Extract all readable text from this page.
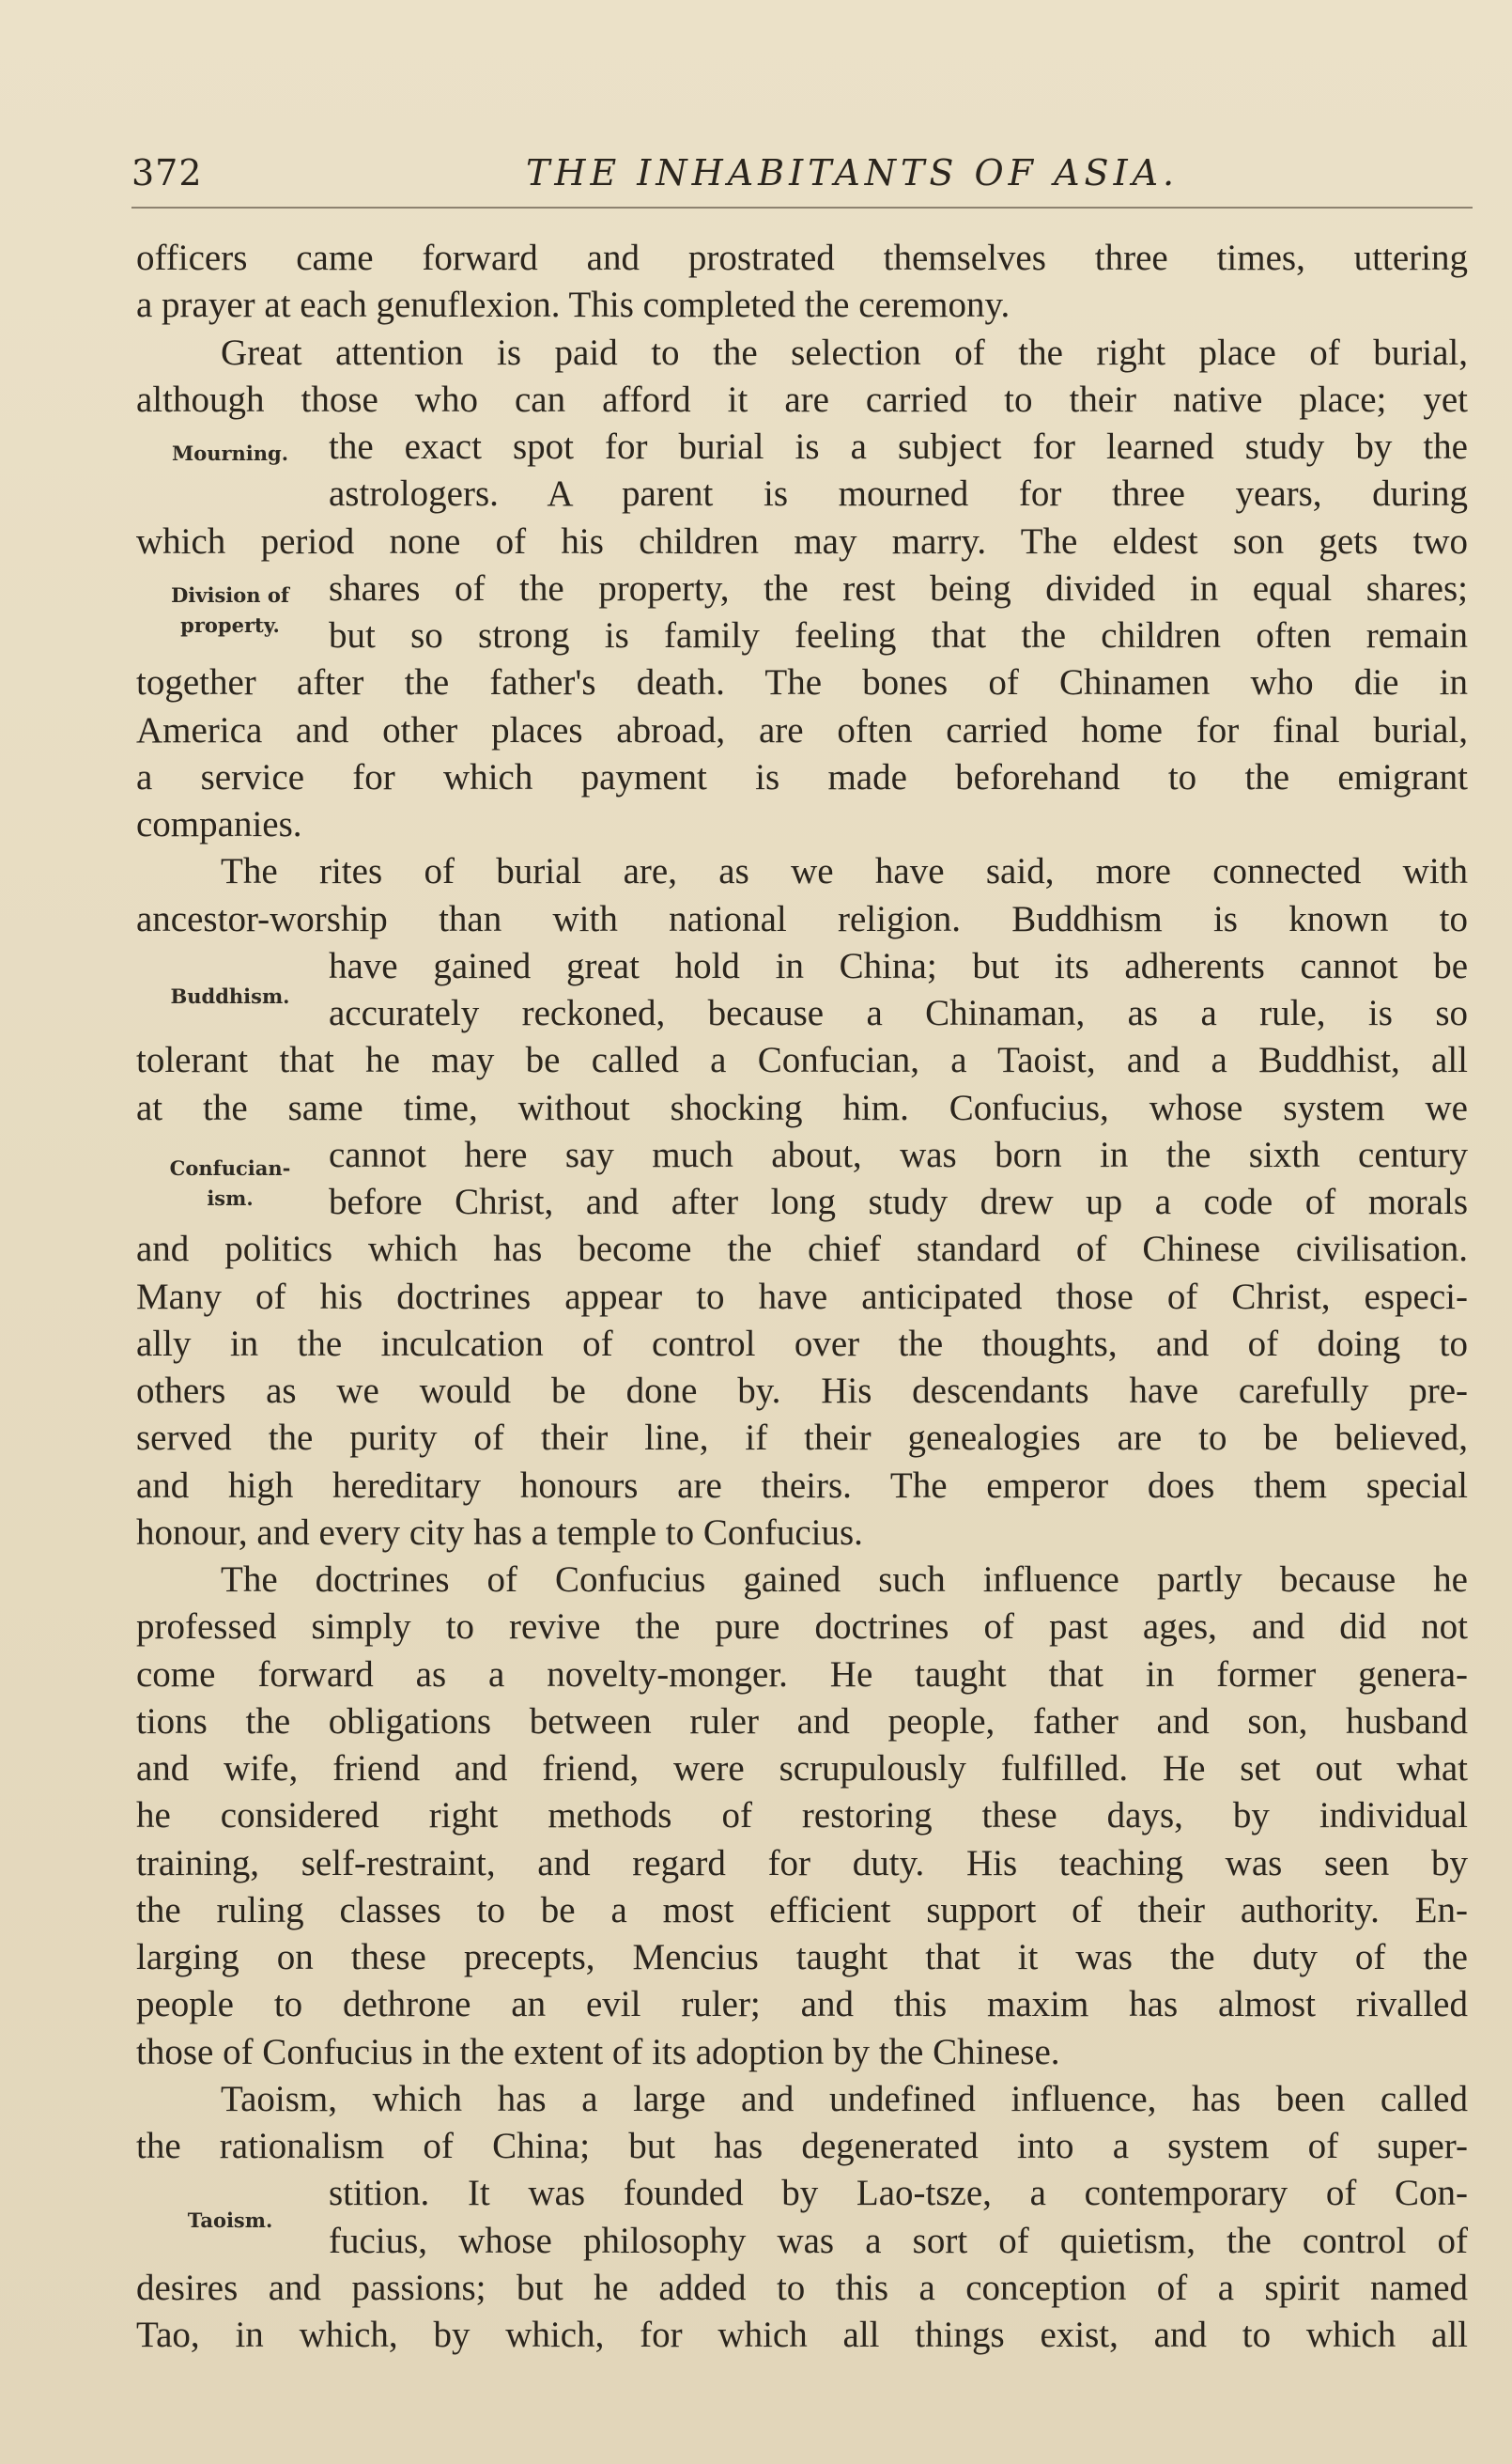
372	THE INHABITANTS OF ASIA.
Mourning.
Division of
property.
Buddhism.
Confucian-
ism.
Taoism.
officers came forward and prostrated themselves three times, uttering
a prayer at each genuflexion. This completed the ceremony.
Great attention is paid to the selection of the right place of burial,
although those who can afford it are carried to their native place; yet
the exact spot for burial is a subject for learned study by the
astrologers. A parent is mourned for three years, during
which period none of his children may marry. The eldest son gets two
shares of the property, the rest being divided in equal shares;
but so strong is family feeling that the children often remain
together after the father's death. The bones of Chinamen who die in
America and other places abroad, are often carried home for final burial,
a service for which payment is made beforehand to the emigrant
companies.
The rites of burial are, as we have said, more connected with
ancestor-worship than with national religion. Buddhism is known to
have gained great hold in China; but its adherents cannot be
accurately reckoned, because a Chinaman, as a rule, is so
tolerant that he may be called a Confucian, a Taoist, and a Buddhist, all
at the same time, without shocking him. Confucius, whose system we
cannot here say much about, was born in the sixth century
before Christ, and after long study drew up a code of morals
and politics which has become the chief standard of Chinese civilisation.
Many of his doctrines appear to have anticipated those of Christ, especi-
ally in the inculcation of control over the thoughts, and of doing to
others as we would be done by. His descendants have carefully pre-
served the purity of their line, if their genealogies are to be believed,
and high hereditary honours are theirs. The emperor does them special
honour, and every city has a temple to Confucius.
The doctrines of Confucius gained such influence partly because he
professed simply to revive the pure doctrines of past ages, and did not
come forward as a novelty-monger. He taught that in former genera-
tions the obligations between ruler and people, father and son, husband
and wife, friend and friend, were scrupulously fulfilled. He set out what
he considered right methods of restoring these days, by individual
training, self-restraint, and regard for duty. His teaching was seen by
the ruling classes to be a most efficient support of their authority. En-
larging on these precepts, Mencius taught that it was the duty of the
people to dethrone an evil ruler; and this maxim has almost rivalled
those of Confucius in the extent of its adoption by the Chinese.
Taoism, which has a large and undefined influence, has been called
the rationalism of China; but has degenerated into a system of super-
stition. It was founded by Lao-tsze, a contemporary of Con-
fucius, whose philosophy was a sort of quietism, the control of
desires and passions; but he added to this a conception of a spirit named
Tao, in which, by which, for which all things exist, and to which all
